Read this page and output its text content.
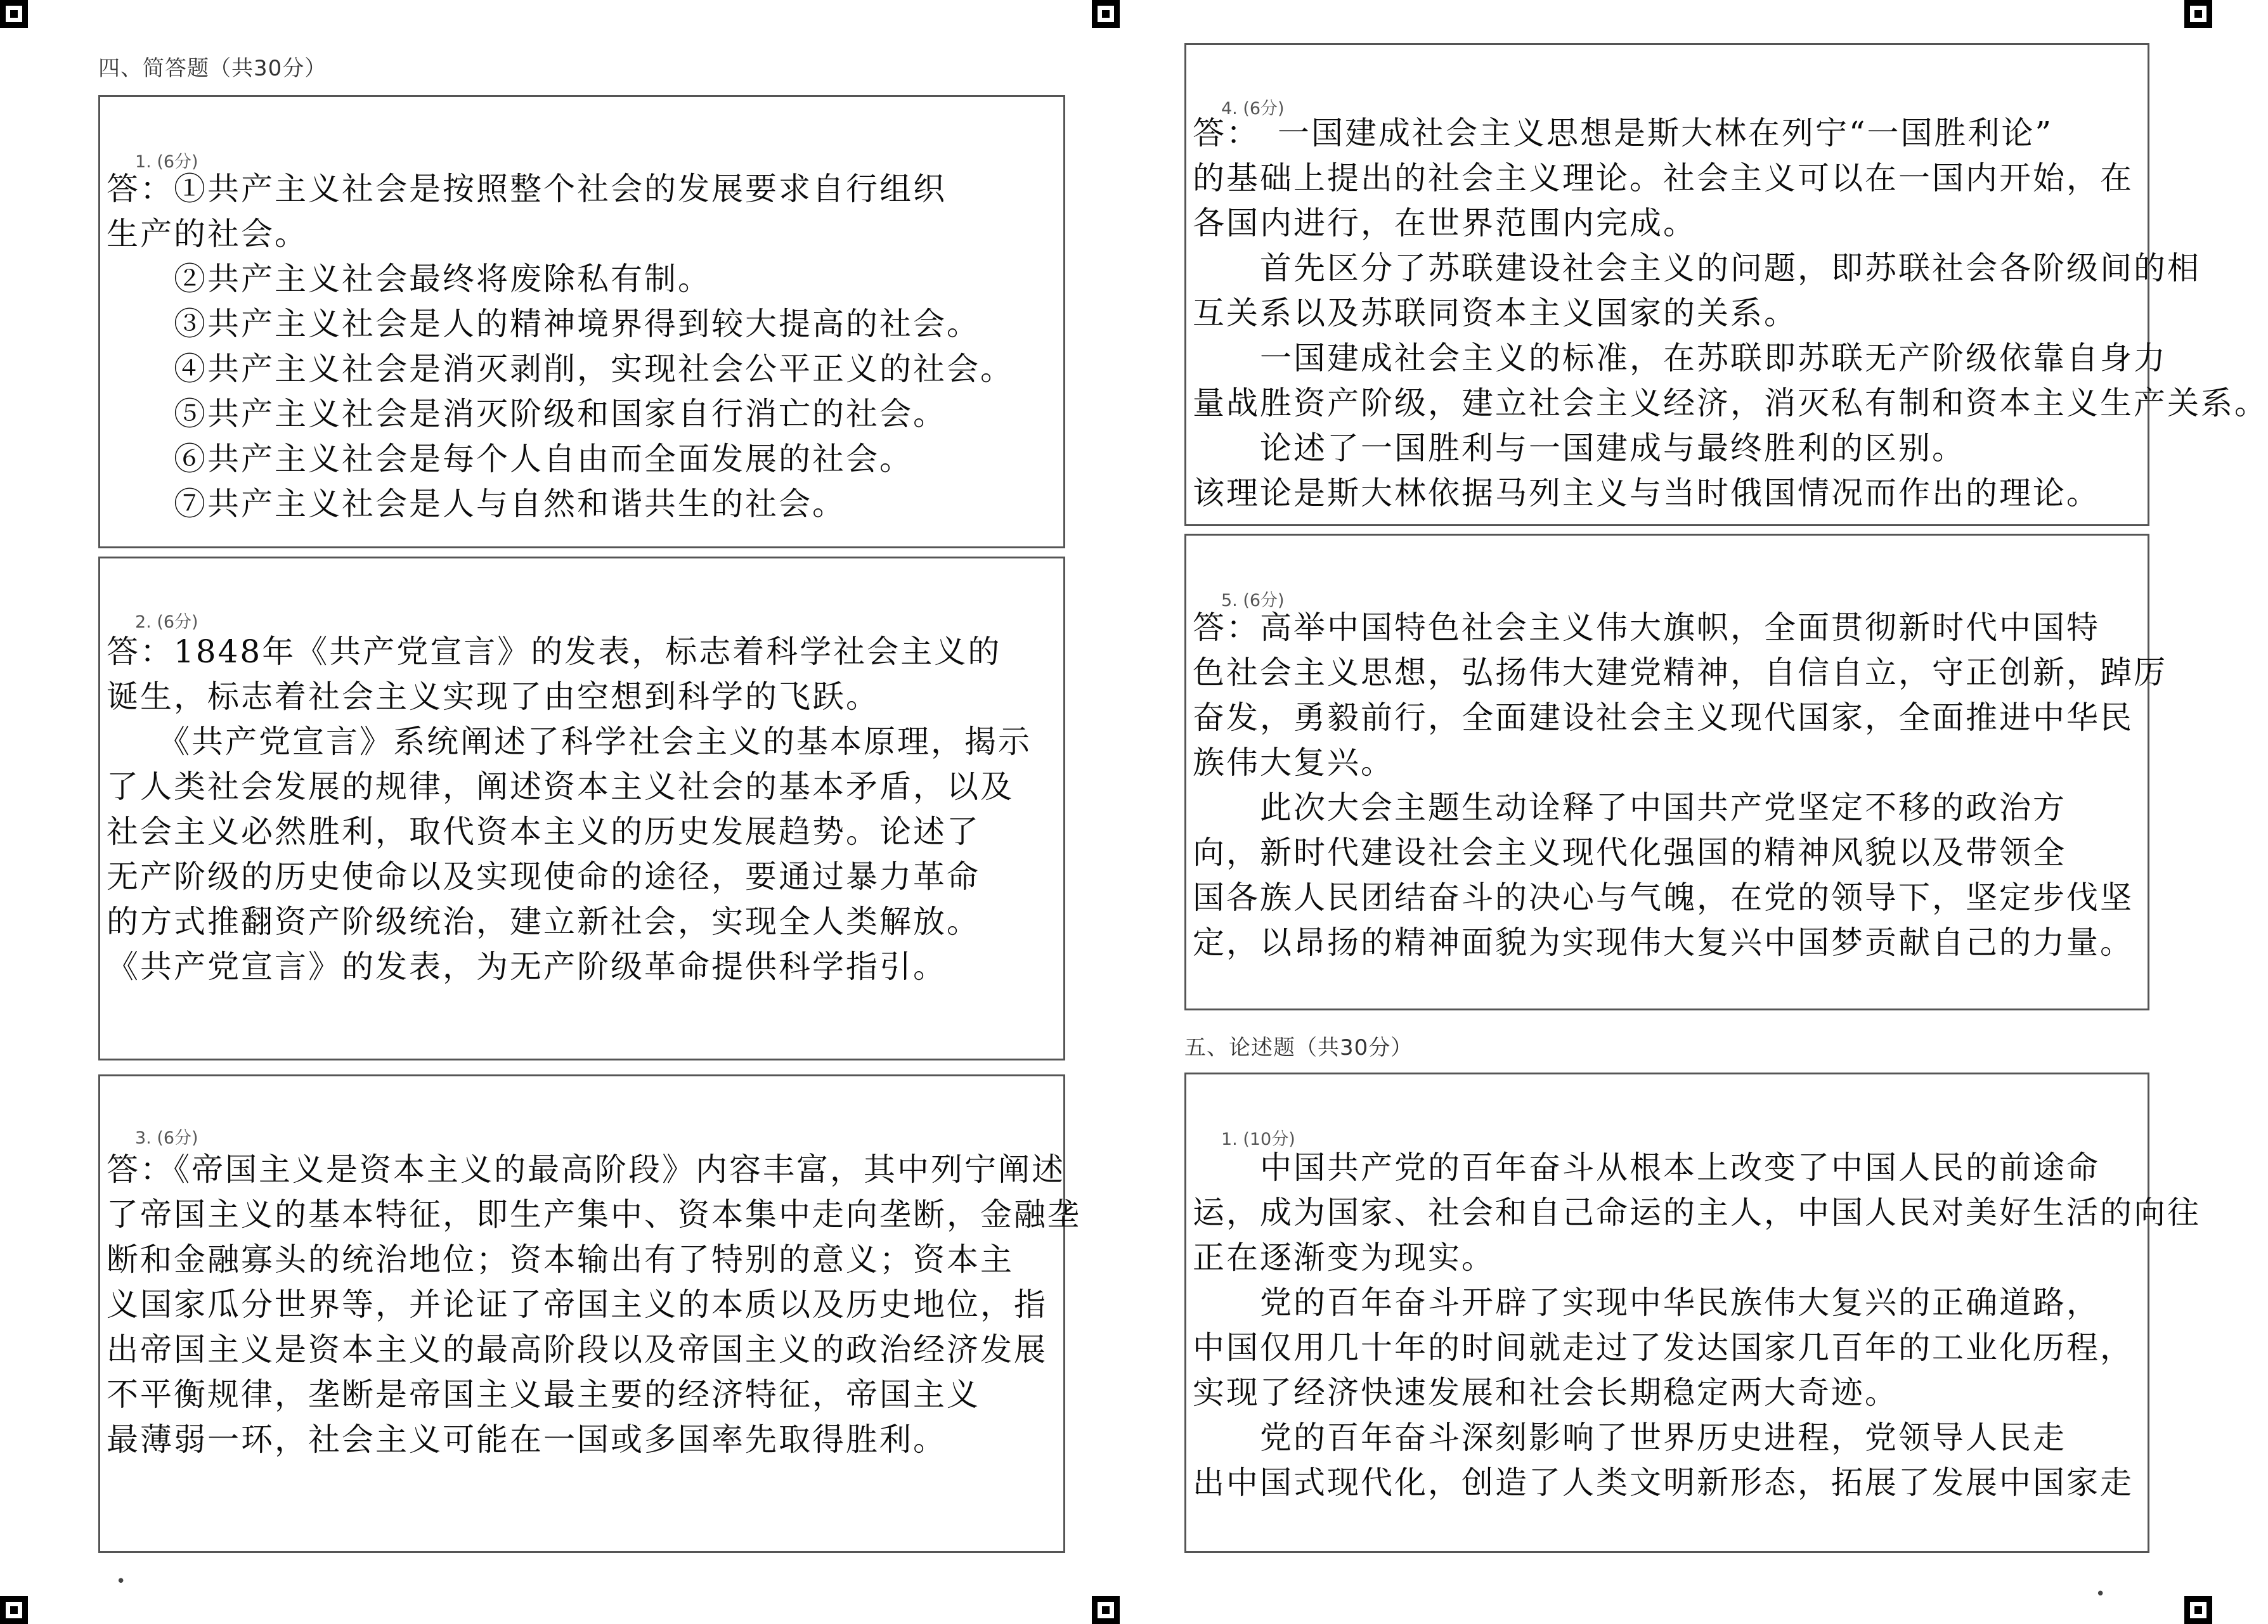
四、简答题（共30分）
1. (6分)
答：①共产主义社会是按照整个社会的发展要求自行组织
生产的社会。
　　②共产主义社会最终将废除私有制。
　　③共产主义社会是人的精神境界得到较大提高的社会。
　　④共产主义社会是消灭剥削，实现社会公平正义的社会。
　　⑤共产主义社会是消灭阶级和国家自行消亡的社会。
　　⑥共产主义社会是每个人自由而全面发展的社会。
　　⑦共产主义社会是人与自然和谐共生的社会。
2. (6分)
答：1848年《共产党宣言》的发表，标志着科学社会主义的
诞生，标志着社会主义实现了由空想到科学的飞跃。
　　《共产党宣言》系统阐述了科学社会主义的基本原理，揭示
了人类社会发展的规律，阐述资本主义社会的基本矛盾，以及
社会主义必然胜利，取代资本主义的历史发展趋势。论述了
无产阶级的历史使命以及实现使命的途径，要通过暴力革命
的方式推翻资产阶级统治，建立新社会，实现全人类解放。
《共产党宣言》的发表，为无产阶级革命提供科学指引。
3. (6分)
答：《帝国主义是资本主义的最高阶段》内容丰富，其中列宁阐述
了帝国主义的基本特征，即生产集中、资本集中走向垄断，金融垄
断和金融寡头的统治地位；资本输出有了特别的意义；资本主
义国家瓜分世界等，并论证了帝国主义的本质以及历史地位，指
出帝国主义是资本主义的最高阶段以及帝国主义的政治经济发展
不平衡规律，垄断是帝国主义最主要的经济特征，帝国主义
最薄弱一环，社会主义可能在一国或多国率先取得胜利。
•
4. (6分)
答：　一国建成社会主义思想是斯大林在列宁“一国胜利论”
的基础上提出的社会主义理论。社会主义可以在一国内开始，在
各国内进行，在世界范围内完成。
　　首先区分了苏联建设社会主义的问题，即苏联社会各阶级间的相
互关系以及苏联同资本主义国家的关系。
　　一国建成社会主义的标准，在苏联即苏联无产阶级依靠自身力
量战胜资产阶级，建立社会主义经济，消灭私有制和资本主义生产关系。
　　论述了一国胜利与一国建成与最终胜利的区别。
该理论是斯大林依据马列主义与当时俄国情况而作出的理论。
5. (6分)
答：高举中国特色社会主义伟大旗帜，全面贯彻新时代中国特
色社会主义思想，弘扬伟大建党精神，自信自立，守正创新，踔厉
奋发，勇毅前行，全面建设社会主义现代国家，全面推进中华民
族伟大复兴。
　　此次大会主题生动诠释了中国共产党坚定不移的政治方
向，新时代建设社会主义现代化强国的精神风貌以及带领全
国各族人民团结奋斗的决心与气魄，在党的领导下，坚定步伐坚
定，以昂扬的精神面貌为实现伟大复兴中国梦贡献自己的力量。
五、论述题（共30分）
1. (10分)
　　中国共产党的百年奋斗从根本上改变了中国人民的前途命
运，成为国家、社会和自己命运的主人，中国人民对美好生活的向往
正在逐渐变为现实。
　　党的百年奋斗开辟了实现中华民族伟大复兴的正确道路，
中国仅用几十年的时间就走过了发达国家几百年的工业化历程，
实现了经济快速发展和社会长期稳定两大奇迹。
　　党的百年奋斗深刻影响了世界历史进程，党领导人民走
出中国式现代化，创造了人类文明新形态，拓展了发展中国家走
•
